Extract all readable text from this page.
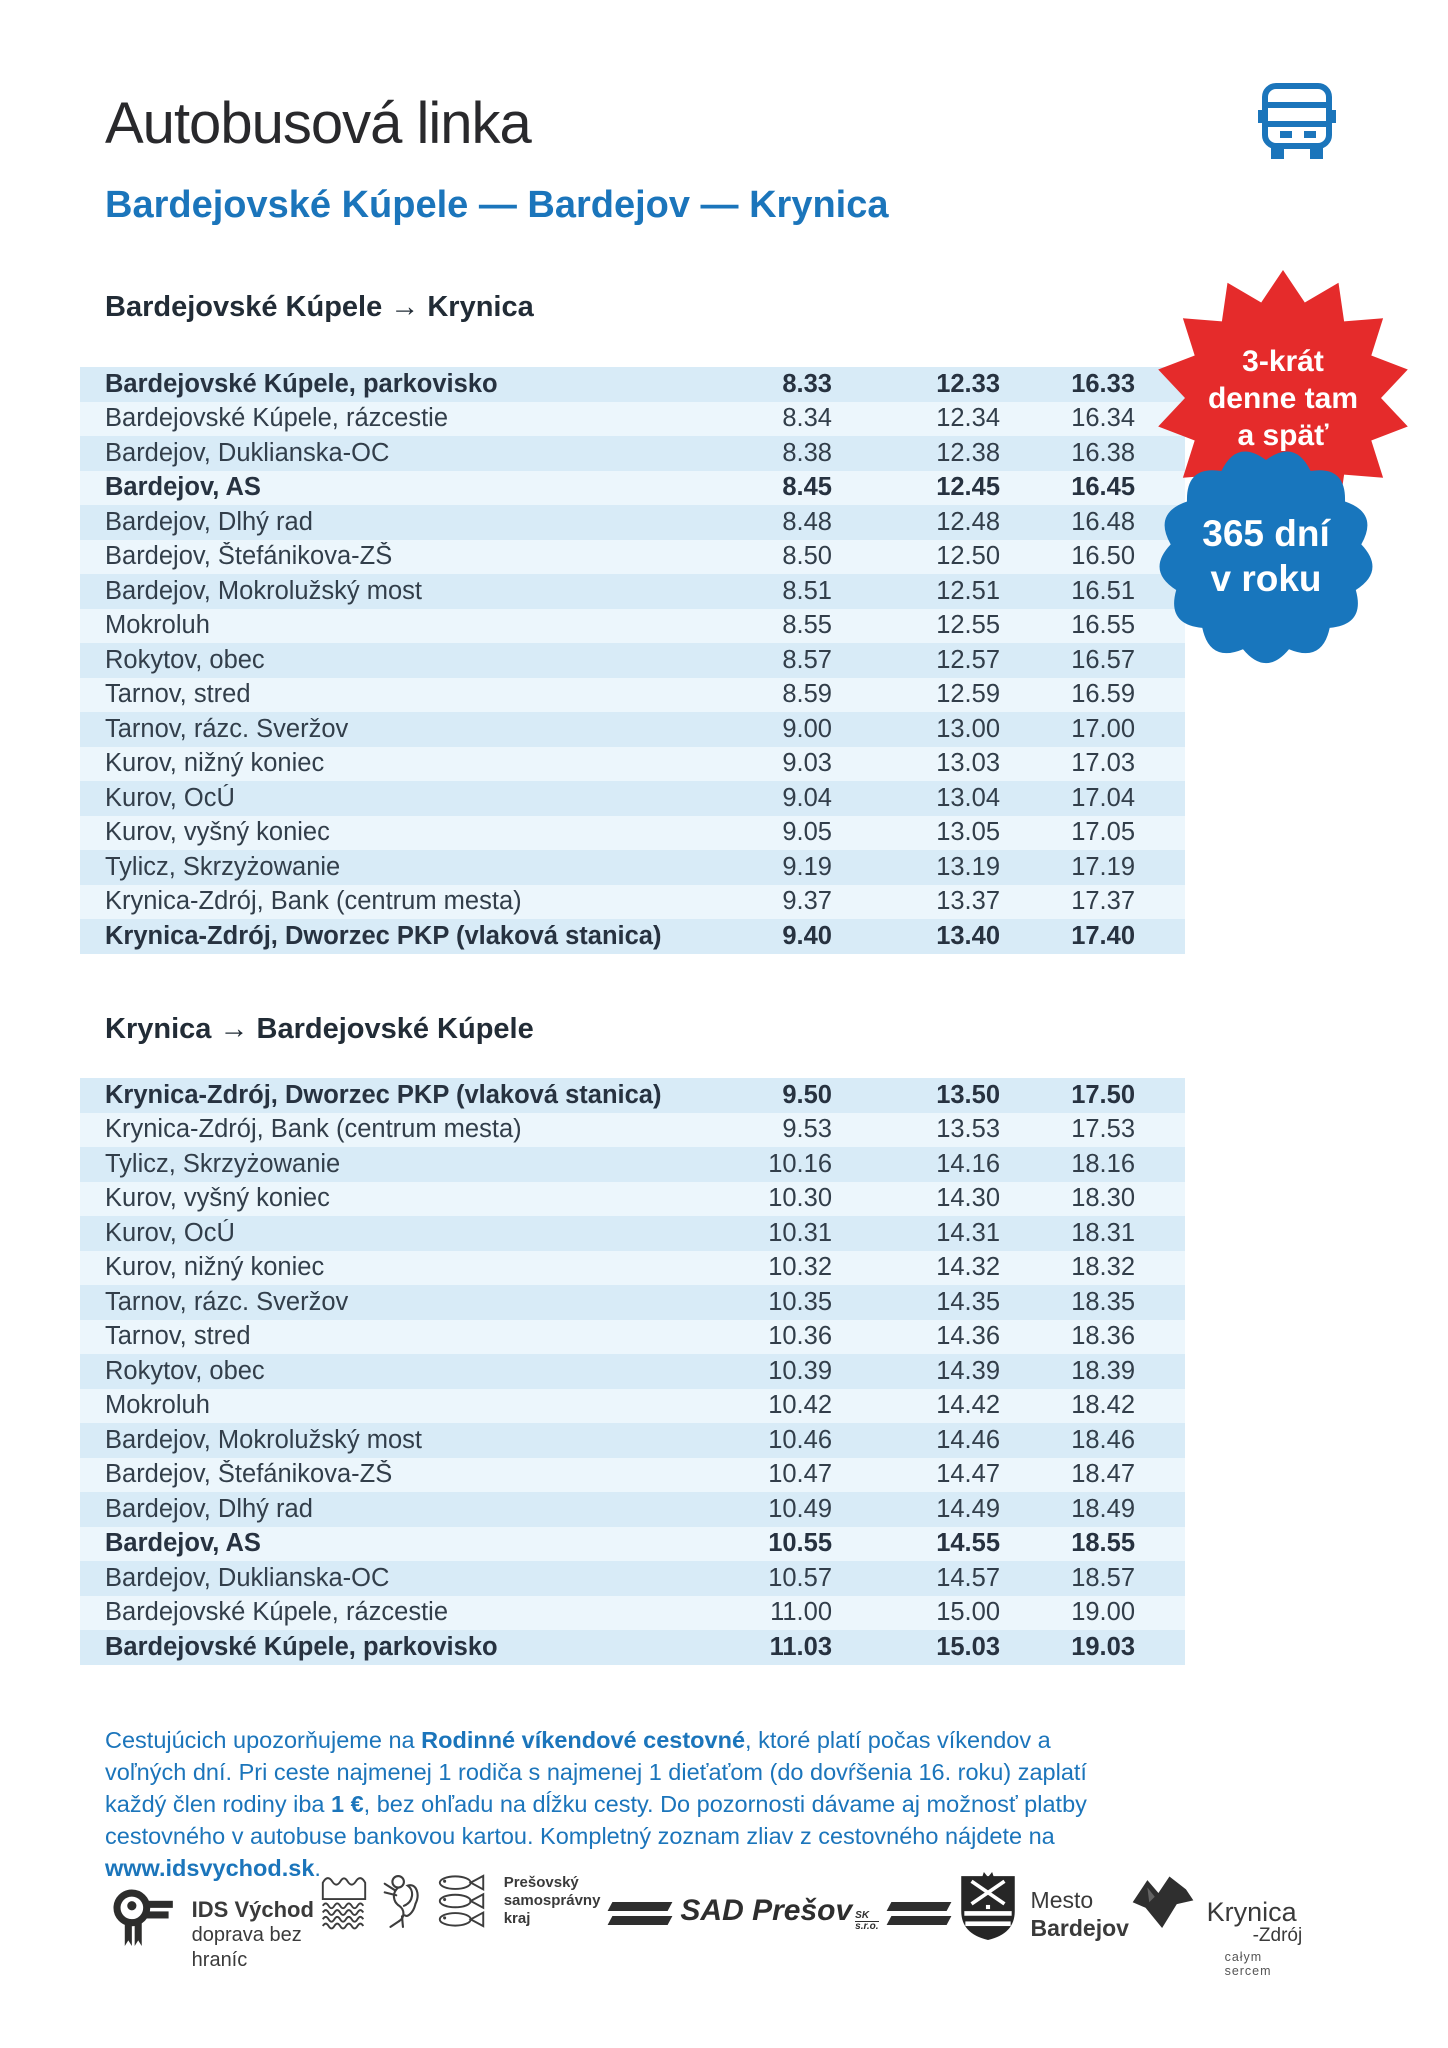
Autobusová linka
Bardejovské Kúpele — Bardejov — Krynica
Bardejovské Kúpele → Krynica
Bardejovské Kúpele, parkovisko	8.33	12.33	16.33
Bardejovské Kúpele, rázcestie	8.34	12.34	16.34
Bardejov, Duklianska-OC	8.38	12.38	16.38
Bardejov, AS	8.45	12.45	16.45
Bardejov, Dlhý rad	8.48	12.48	16.48
Bardejov, Štefánikova-ZŠ	8.50	12.50	16.50
Bardejov, Mokrolužský most	8.51	12.51	16.51
Mokroluh	8.55	12.55	16.55
Rokytov, obec	8.57	12.57	16.57
Tarnov, stred	8.59	12.59	16.59
Tarnov, rázc. Sveržov	9.00	13.00	17.00
Kurov, nižný koniec	9.03	13.03	17.03
Kurov, OcÚ	9.04	13.04	17.04
Kurov, vyšný koniec	9.05	13.05	17.05
Tylicz, Skrzyżowanie	9.19	13.19	17.19
Krynica-Zdrój, Bank (centrum mesta)	9.37	13.37	17.37
Krynica-Zdrój, Dworzec PKP (vlaková stanica)	9.40	13.40	17.40
Krynica → Bardejovské Kúpele
Krynica-Zdrój, Dworzec PKP (vlaková stanica)	9.50	13.50	17.50
Krynica-Zdrój, Bank (centrum mesta)	9.53	13.53	17.53
Tylicz, Skrzyżowanie	10.16	14.16	18.16
Kurov, vyšný koniec	10.30	14.30	18.30
Kurov, OcÚ	10.31	14.31	18.31
Kurov, nižný koniec	10.32	14.32	18.32
Tarnov, rázc. Sveržov	10.35	14.35	18.35
Tarnov, stred	10.36	14.36	18.36
Rokytov, obec	10.39	14.39	18.39
Mokroluh	10.42	14.42	18.42
Bardejov, Mokrolužský most	10.46	14.46	18.46
Bardejov, Štefánikova-ZŠ	10.47	14.47	18.47
Bardejov, Dlhý rad	10.49	14.49	18.49
Bardejov, AS	10.55	14.55	18.55
Bardejov, Duklianska-OC	10.57	14.57	18.57
Bardejovské Kúpele, rázcestie	11.00	15.00	19.00
Bardejovské Kúpele, parkovisko	11.03	15.03	19.03
3-krát
denne tam
a späť
365 dní
v roku

Cestujúcich upozorňujeme na Rodinné víkendové cestovné, ktoré platí počas víkendov a voľných dní. Pri ceste najmenej 1 rodiča s najmenej 1 dieťaťom (do dovŕšenia 16. roku) zaplatí každý člen rodiny iba 1 €, bez ohľadu na dĺžku cesty. Do pozornosti dávame aj možnosť platby cestovného v autobuse bankovou kartou. Kompletný zoznam zliav z cestovného nájdete na www.idsvychod.sk.

IDS Východ
doprava bez hraníc
Prešovský
samosprávny
kraj	SAD Prešov $\frac{SK}{s.r.o.}$
Mesto
Bardejov
Krynica
-Zdrój
całym sercem
